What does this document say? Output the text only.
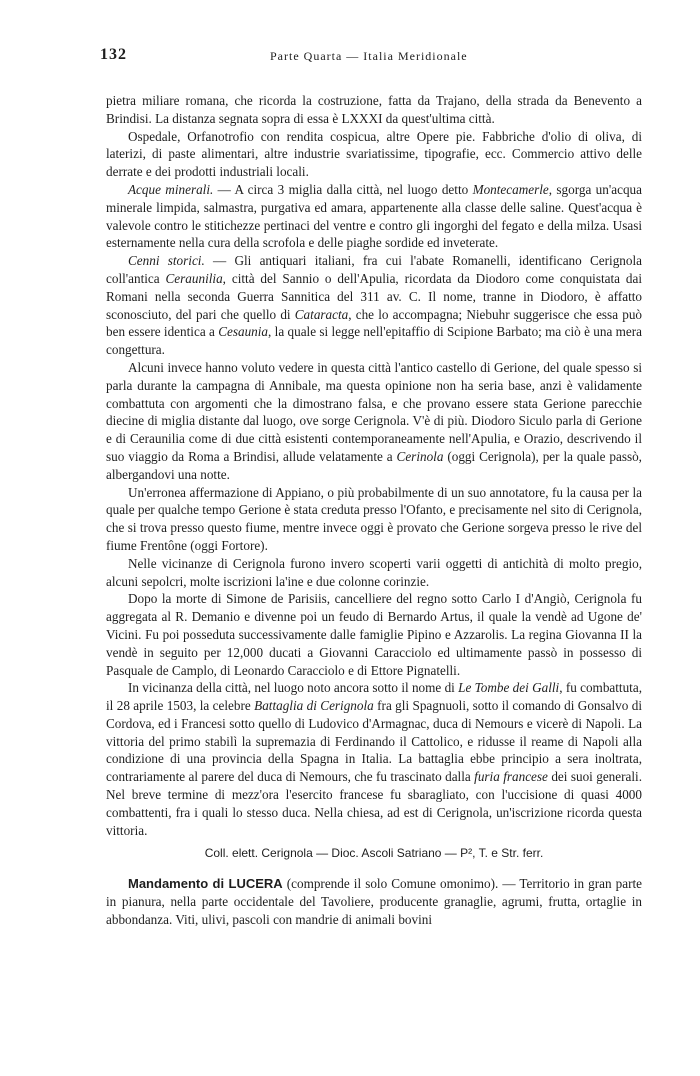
132	Parte Quarta — Italia Meridionale

pietra miliare romana, che ricorda la costruzione, fatta da Trajano, della strada da Benevento a Brindisi. La distanza segnata sopra di essa è LXXXI da quest'ultima città.

Ospedale, Orfanotrofio con rendita cospicua, altre Opere pie. Fabbriche d'olio di oliva, di laterizi, di paste alimentari, altre industrie svariatissime, tipografie, ecc. Commercio attivo delle derrate e dei prodotti industriali locali.

Acque minerali. — A circa 3 miglia dalla città, nel luogo detto Montecamerle, sgorga un'acqua minerale limpida, salmastra, purgativa ed amara, appartenente alla classe delle saline. Quest'acqua è valevole contro le stitichezze pertinaci del ventre e contro gli ingorghi del fegato e della milza. Usasi esternamente nella cura della scrofola e delle piaghe sordide ed inveterate.

Cenni storici. — Gli antiquari italiani, fra cui l'abate Romanelli, identificano Cerignola coll'antica Ceraunilia, città del Sannio o dell'Apulia, ricordata da Diodoro come conquistata dai Romani nella seconda Guerra Sannitica del 311 av. C. Il nome, tranne in Diodoro, è affatto sconosciuto, del pari che quello di Cataracta, che lo accompagna; Niebuhr suggerisce che essa può ben essere identica a Cesaunia, la quale si legge nell'epitaffio di Scipione Barbato; ma ciò è una mera congettura.

Alcuni invece hanno voluto vedere in questa città l'antico castello di Gerione, del quale spesso si parla durante la campagna di Annibale, ma questa opinione non ha seria base, anzi è validamente combattuta con argomenti che la dimostrano falsa, e che provano essere stata Gerione parecchie diecine di miglia distante dal luogo, ove sorge Cerignola. V'è di più. Diodoro Siculo parla di Gerione e di Ceraunilia come di due città esistenti contemporaneamente nell'Apulia, e Orazio, descrivendo il suo viaggio da Roma a Brindisi, allude velatamente a Cerinola (oggi Cerignola), per la quale passò, albergandovi una notte.

Un'erronea affermazione di Appiano, o più probabilmente di un suo annotatore, fu la causa per la quale per qualche tempo Gerione è stata creduta presso l'Ofanto, e precisamente nel sito di Cerignola, che si trova presso questo fiume, mentre invece oggi è provato che Gerione sorgeva presso le rive del fiume Frentône (oggi Fortore).

Nelle vicinanze di Cerignola furono invero scoperti varii oggetti di antichità di molto pregio, alcuni sepolcri, molte iscrizioni la'ine e due colonne corinzie.

Dopo la morte di Simone de Parisiis, cancelliere del regno sotto Carlo I d'Angiò, Cerignola fu aggregata al R. Demanio e divenne poi un feudo di Bernardo Artus, il quale la vendè ad Ugone de' Vicini. Fu poi posseduta successivamente dalle famiglie Pipino e Azzarolis. La regina Giovanna II la vendè in seguito per 12,000 ducati a Giovanni Caracciolo ed ultimamente passò in possesso di Pasquale de Camplo, di Leonardo Caracciolo e di Ettore Pignatelli.

In vicinanza della città, nel luogo noto ancora sotto il nome di Le Tombe dei Galli, fu combattuta, il 28 aprile 1503, la celebre Battaglia di Cerignola fra gli Spagnuoli, sotto il comando di Gonsalvo di Cordova, ed i Francesi sotto quello di Ludovico d'Armagnac, duca di Nemours e vicerè di Napoli. La vittoria del primo stabilì la supremazia di Ferdinando il Cattolico, e ridusse il reame di Napoli alla condizione di una provincia della Spagna in Italia. La battaglia ebbe principio a sera inoltrata, contrariamente al parere del duca di Nemours, che fu trascinato dalla furia francese dei suoi generali. Nel breve termine di mezz'ora l'esercito francese fu sbaragliato, con l'uccisione di quasi 4000 combattenti, fra i quali lo stesso duca. Nella chiesa, ad est di Cerignola, un'iscrizione ricorda questa vittoria.

Coll. elett. Cerignola — Dioc. Ascoli Satriano — P², T. e Str. ferr.

Mandamento di LUCERA (comprende il solo Comune omonimo). — Territorio in gran parte in pianura, nella parte occidentale del Tavoliere, producente granaglie, agrumi, frutta, ortaglie in abbondanza. Viti, ulivi, pascoli con mandrie di animali bovini
